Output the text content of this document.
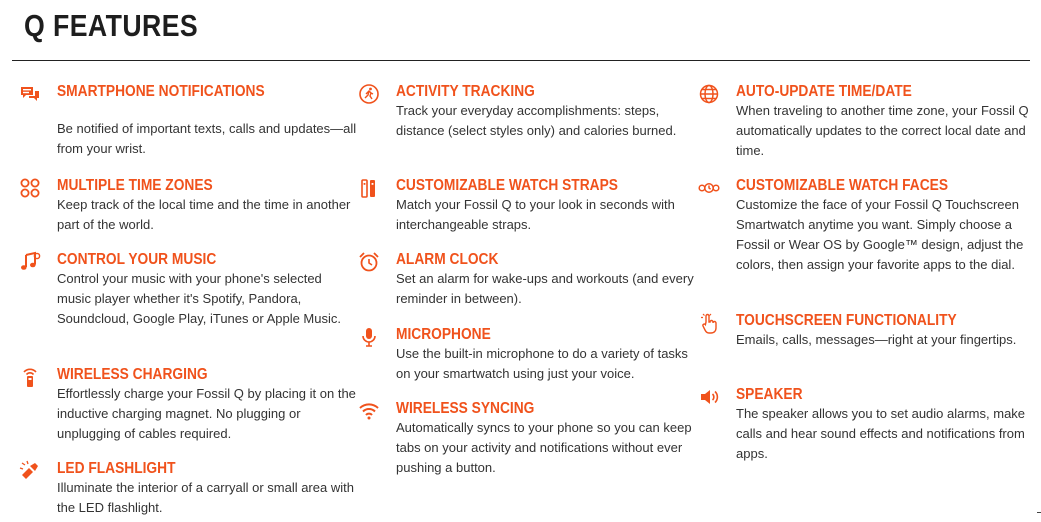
Q FEATURES
SMARTPHONE NOTIFICATIONS
Be notified of important texts, calls and updates—all from your wrist.
MULTIPLE TIME ZONES
Keep track of the local time and the time in another part of the world.
CONTROL YOUR MUSIC
Control your music with your phone's selected music player whether it's Spotify, Pandora, Soundcloud, Google Play, iTunes or Apple Music.
WIRELESS CHARGING
Effortlessly charge your Fossil Q by placing it on the inductive charging magnet. No plugging or unplugging of cables required.
LED FLASHLIGHT
Illuminate the interior of a carryall or small area with the LED flashlight.
ACTIVITY TRACKING
Track your everyday accomplishments: steps, distance (select styles only) and calories burned.
CUSTOMIZABLE WATCH STRAPS
Match your Fossil Q to your look in seconds with interchangeable straps.
ALARM CLOCK
Set an alarm for wake-ups and workouts (and every reminder in between).
MICROPHONE
Use the built-in microphone to do a variety of tasks on your smartwatch using just your voice.
WIRELESS SYNCING
Automatically syncs to your phone so you can keep tabs on your activity and notifications without ever pushing a button.
AUTO-UPDATE TIME/DATE
When traveling to another time zone, your Fossil Q automatically updates to the correct local date and time.
CUSTOMIZABLE WATCH FACES
Customize the face of your Fossil Q Touchscreen Smartwatch anytime you want. Simply choose a Fossil or Wear OS by Google™ design, adjust the colors, then assign your favorite apps to the dial.
TOUCHSCREEN FUNCTIONALITY
Emails, calls, messages—right at your fingertips.
SPEAKER
The speaker allows you to set audio alarms, make calls and hear sound effects and notifications from apps.
